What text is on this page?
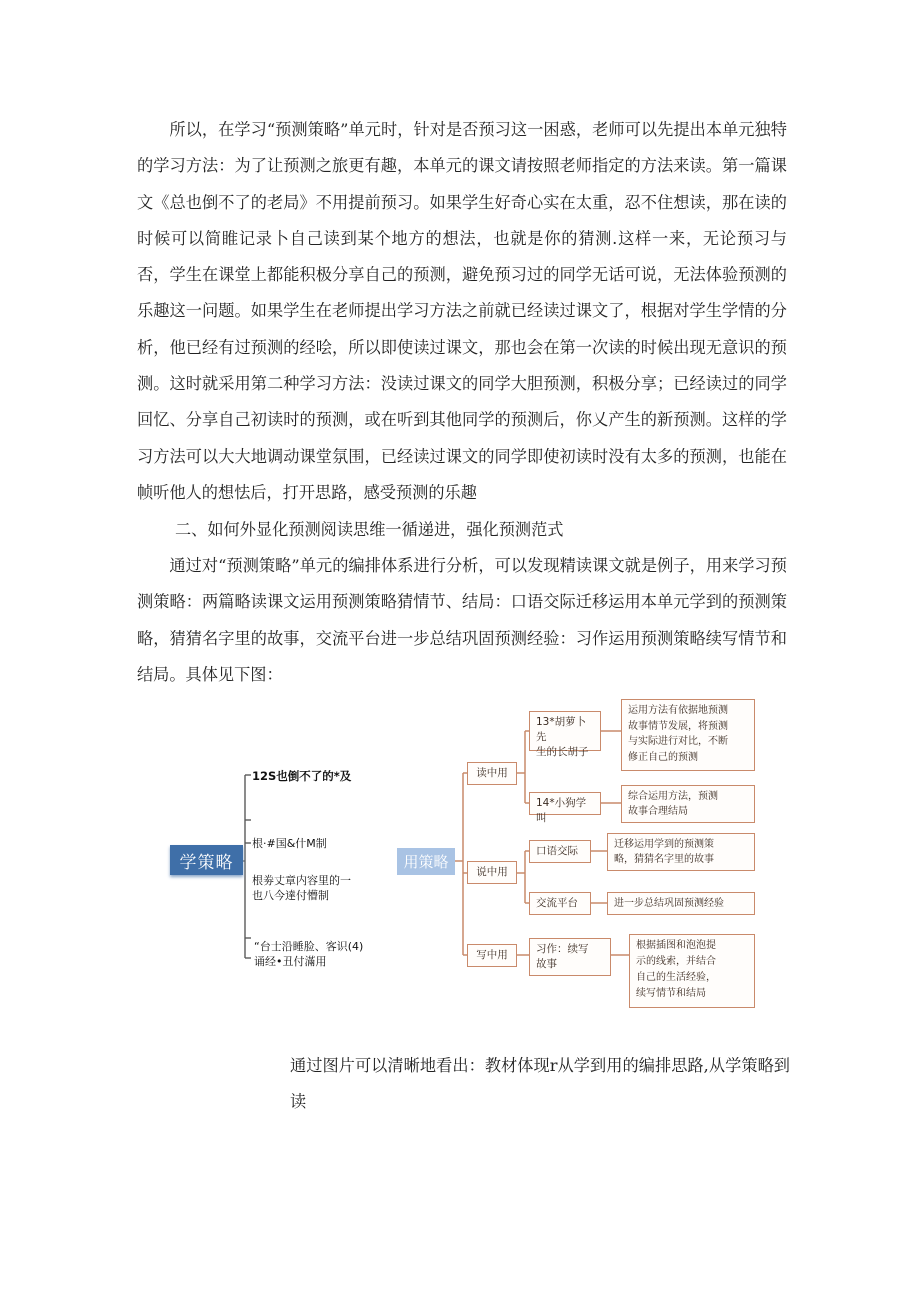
所以，在学习“预测策略”单元时，针对是否预习这一困惑，老师可以先提出本单元独特的学习方法：为了让预测之旅更有趣，本单元的课文请按照老师指定的方法来读。第一篇课文《总也倒不了的老局》不用提前预习。如果学生好奇心实在太重，忍不住想读，那在读的时候可以简睢记录卜自己读到某个地方的想法，也就是你的猜测.这样一来，无论预习与否，学生在课堂上都能积极分享自己的预测，避免预习过的同学无话可说，无法体验预测的乐趣这一问题。如果学生在老师提出学习方法之前就已经读过课文了，根据对学生学情的分析，他已经有过预测的经哙，所以即使读过课文，那也会在第一次读的时候出现无意识的预测。这时就采用第二种学习方法：没读过课文的同学大胆预测，积极分享；已经读过的同学回忆、分享自己初读时的预测，或在听到其他同学的预测后，你乂产生的新预测。这样的学习方法可以大大地调动课堂氛围，已经读过课文的同学即使初读时没有太多的预测，也能在帧听他人的想怯后，打开思路，感受预测的乐趣

二、如何外显化预测阅读思维一循递进，强化预测范式

通过对“预测策略”单元的编排体系进行分析，可以发现精读课文就是例子，用来学习预测策略：两篇略读课文运用预测策略猜情节、结局：口语交际迁移运用本单元学到的预测策略，猜猜名字里的故事，交流平台进一步总结巩固预测经验：习作运用预测策略续写情节和结局。具体见下图：

学策略
12S也倒不了的*及
根·#国&什M制
根劵丈章内容里的一
也八今達付懵制
“台士沿睡脸、客识(4)
诵经•丑付滿用
用策略
读中用
说中用
写中用
13*胡萝卜先
生的长胡子
运用方法有依据地预测
故事情节发展，将预测
与实际进行对比，不断
修正自己的预测
14*小狗学叫
综合运用方法，预测
故事合理结局
口语交际
迁移运用学到的预测策
略，猜猜名字里的故事
交流平台	进一步总结巩固预测经验
习作：续写
故事
根据插图和泡泡提
示的线索，并结合
自己的生活经验，
续写情节和结局

通过图片可以清晰地看出：教材体现r从学到用的编排思路,从学策略到读
